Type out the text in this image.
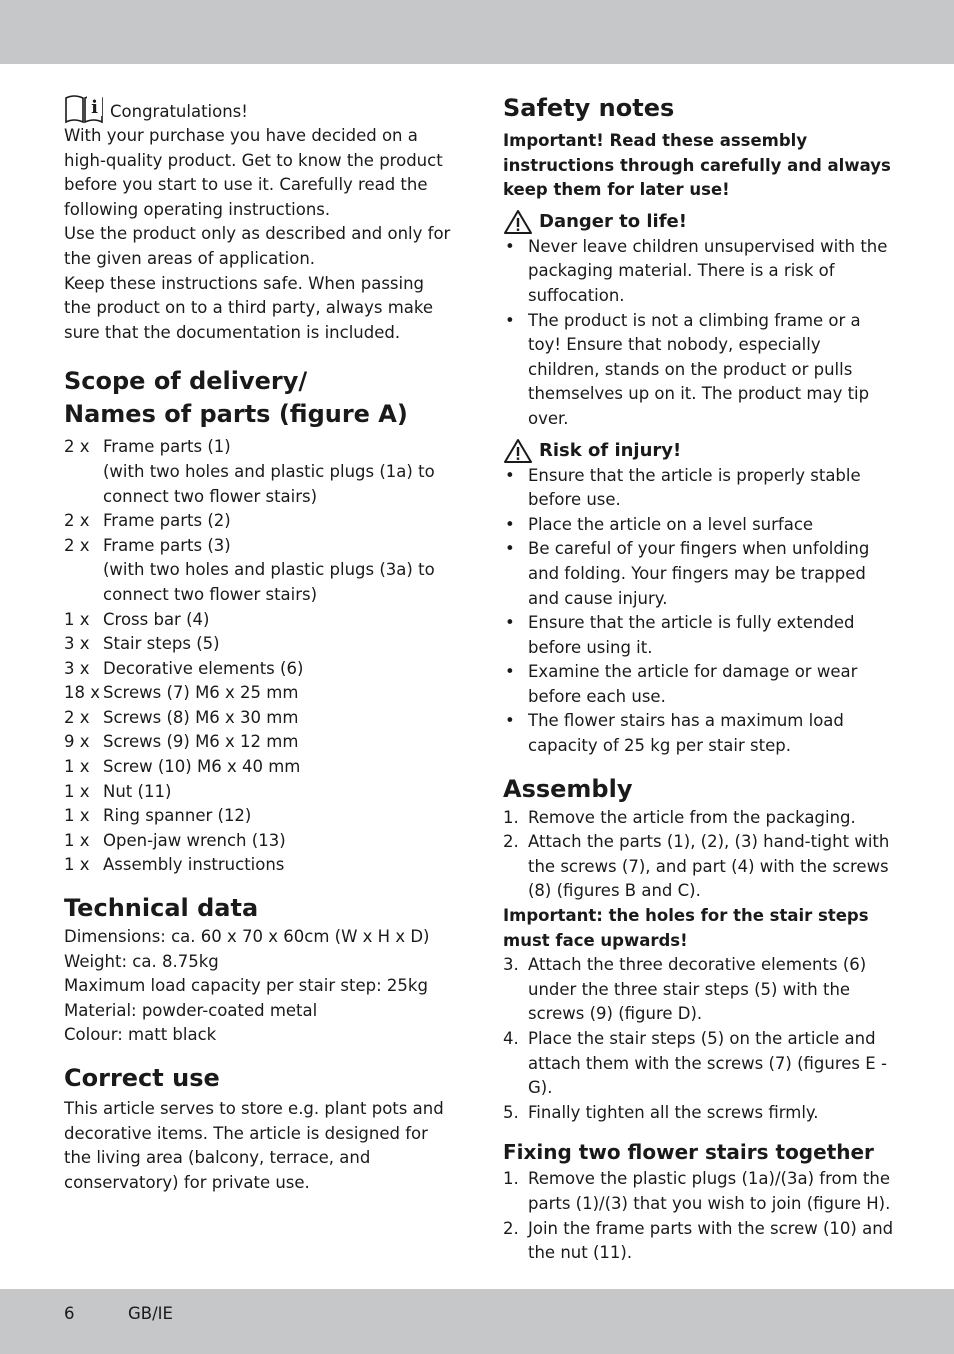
i Congratulations!

With your purchase you have decided on a high-quality product. Get to know the product before you start to use it. Carefully read the following operating instructions.

Use the product only as described and only for the given areas of application.

Keep these instructions safe. When passing the product on to a third party, always make sure that the documentation is included.

Scope of delivery/
Names of parts (figure A)
2 x Frame parts (1)
(with two holes and plastic plugs (1a) to connect two flower stairs)
2 x Frame parts (2)
2 x Frame parts (3)
(with two holes and plastic plugs (3a) to connect two flower stairs)
1 x Cross bar (4)
3 x Stair steps (5)
3 x Decorative elements (6)
18 x Screws (7) M6 x 25 mm
2 x Screws (8) M6 x 30 mm
9 x Screws (9) M6 x 12 mm
1 x Screw (10) M6 x 40 mm
1 x Nut (11)
1 x Ring spanner (12)
1 x Open-jaw wrench (13)
1 x Assembly instructions
Technical data

Dimensions: ca. 60 x 70 x 60cm (W x H x D)

Weight: ca. 8.75kg

Maximum load capacity per stair step: 25kg

Material: powder-coated metal

Colour: matt black

Correct use

This article serves to store e.g. plant pots and decorative items. The article is designed for the living area (balcony, terrace, and conservatory) for private use.

Safety notes

Important! Read these assembly instructions through carefully and always keep them for later use!

Danger to life!
• Never leave children unsupervised with the packaging material. There is a risk of suffocation.
• The product is not a climbing frame or a toy! Ensure that nobody, especially children, stands on the product or pulls themselves up on it. The product may tip over.
Risk of injury!
• Ensure that the article is properly stable before use.
• Place the article on a level surface
• Be careful of your fingers when unfolding and folding. Your fingers may be trapped and cause injury.
• Ensure that the article is fully extended before using it.
• Examine the article for damage or wear before each use.
• The flower stairs has a maximum load capacity of 25 kg per stair step.
Assembly
1. Remove the article from the packaging.
2. Attach the parts (1), (2), (3) hand-tight with the screws (7), and part (4) with the screws (8) (figures B and C).

Important: the holes for the stair steps must face upwards!

3. Attach the three decorative elements (6) under the three stair steps (5) with the screws (9) (figure D).
4. Place the stair steps (5) on the article and attach them with the screws (7) (figures E - G).
5. Finally tighten all the screws firmly.
Fixing two flower stairs together
1. Remove the plastic plugs (1a)/(3a) from the parts (1)/(3) that you wish to join (figure H).
2. Join the frame parts with the screw (10) and the nut (11).
6	GB/IE
